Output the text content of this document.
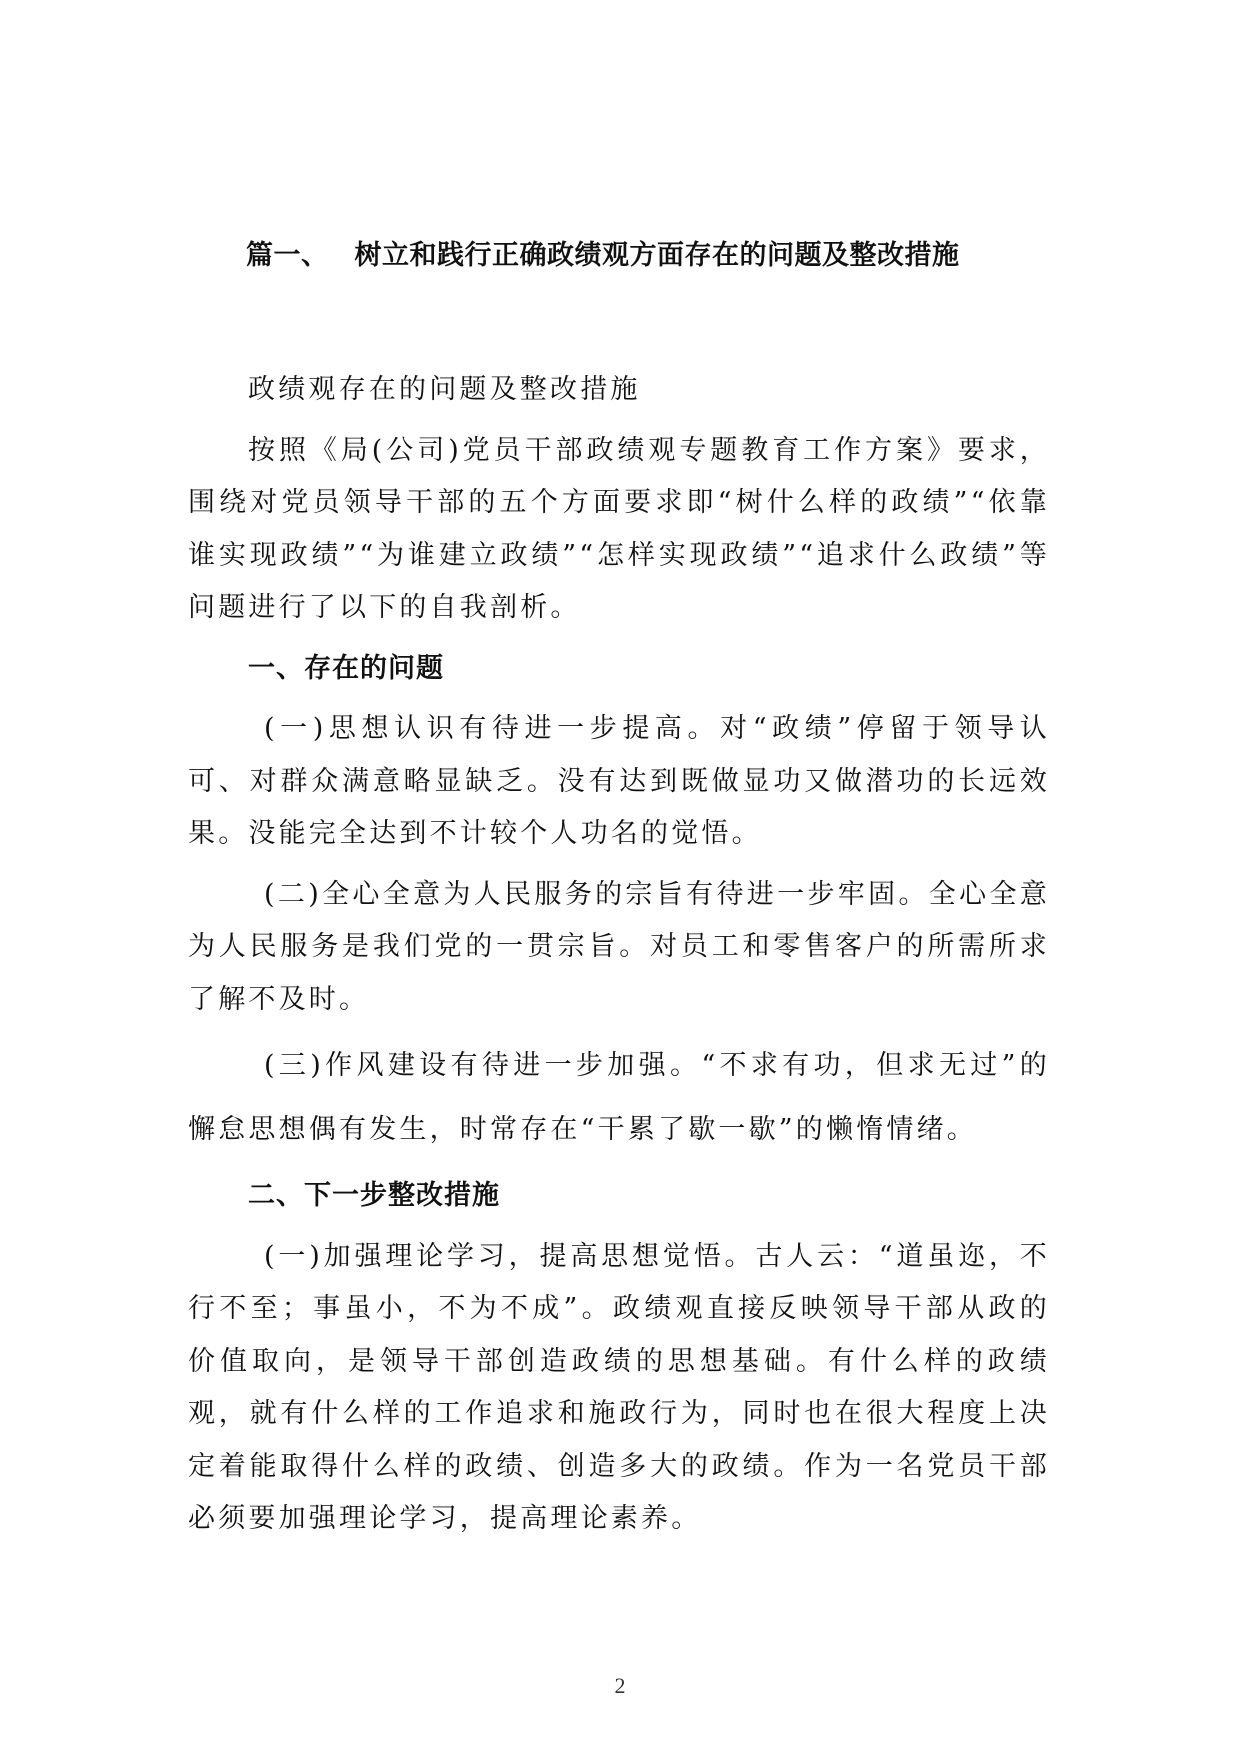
篇一、 树立和践行正确政绩观方面存在的问题及整改措施

政绩观存在的问题及整改措施

按照《局(公司)党员干部政绩观专题教育工作方案》要求，围绕对党员领导干部的五个方面要求即“树什么样的政绩”“依靠谁实现政绩”“为谁建立政绩”“怎样实现政绩”“追求什么政绩”等问题进行了以下的自我剖析。

一、存在的问题

(一)思想认识有待进一步提高。对“政绩”停留于领导认可、对群众满意略显缺乏。没有达到既做显功又做潜功的长远效果。没能完全达到不计较个人功名的觉悟。

(二)全心全意为人民服务的宗旨有待进一步牢固。全心全意为人民服务是我们党的一贯宗旨。对员工和零售客户的所需所求了解不及时。

(三)作风建设有待进一步加强。“不求有功，但求无过”的懈怠思想偶有发生，时常存在“干累了歇一歇”的懒惰情绪。

二、下一步整改措施

(一)加强理论学习，提高思想觉悟。古人云：“道虽迩，不行不至；事虽小，不为不成”。政绩观直接反映领导干部从政的价值取向，是领导干部创造政绩的思想基础。有什么样的政绩观，就有什么样的工作追求和施政行为，同时也在很大程度上决定着能取得什么样的政绩、创造多大的政绩。作为一名党员干部必须要加强理论学习，提高理论素养。

2
